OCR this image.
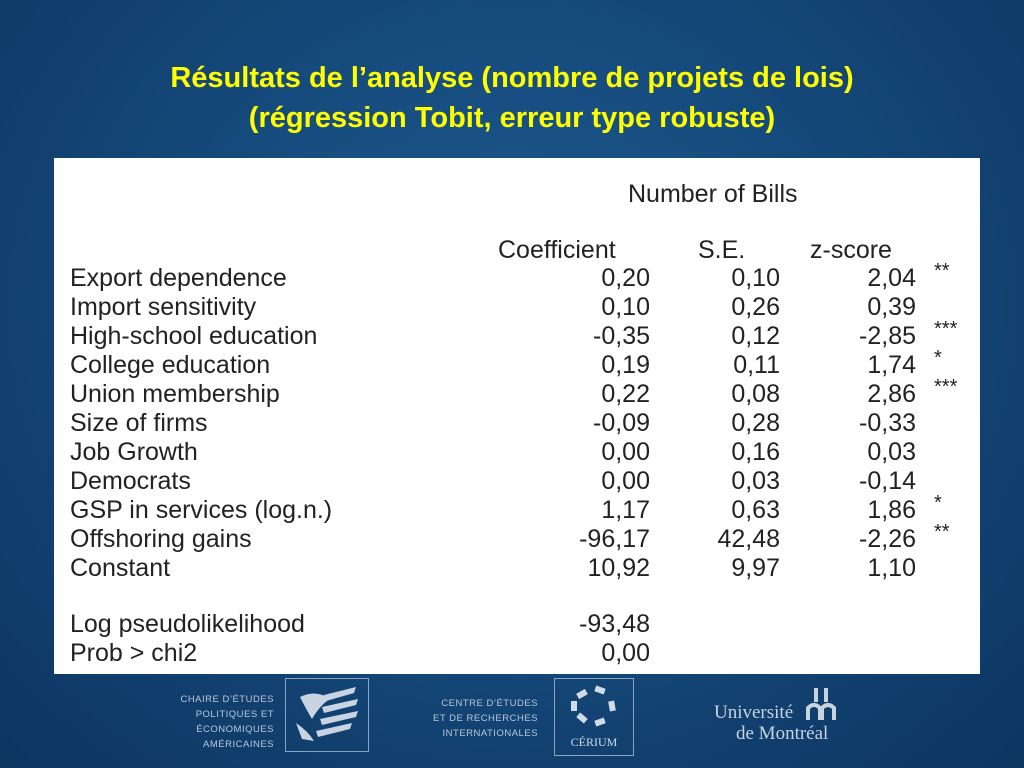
Résultats de l’analyse (nombre de projets de lois)
(régression Tobit, erreur type robuste)
Number of Bills
Coefficient	S.E.	z-score
Export dependence	0,20	0,10	2,04 **
Import sensitivity	0,10	0,26	0,39
High-school education	-0,35	0,12	-2,85 ***
College education	0,19	0,11	1,74 *
Union membership	0,22	0,08	2,86 ***
Size of firms	-0,09	0,28	-0,33
Job Growth	0,00	0,16	0,03
Democrats	0,00	0,03	-0,14
GSP in services (log.n.)	1,17	0,63	1,86 *
Offshoring gains	-96,17	42,48	-2,26 **
Constant	10,92	9,97	1,10
Log pseudolikelihood	-93,48
Prob > chi2	0,00
CHAIRE D’ÉTUDES
POLITIQUES ET ÉCONOMIQUES
AMÉRICAINES
CENTRE D’ÉTUDES
ET DE RECHERCHES
INTERNATIONALES
CÉRIUM
Université
de Montréal
